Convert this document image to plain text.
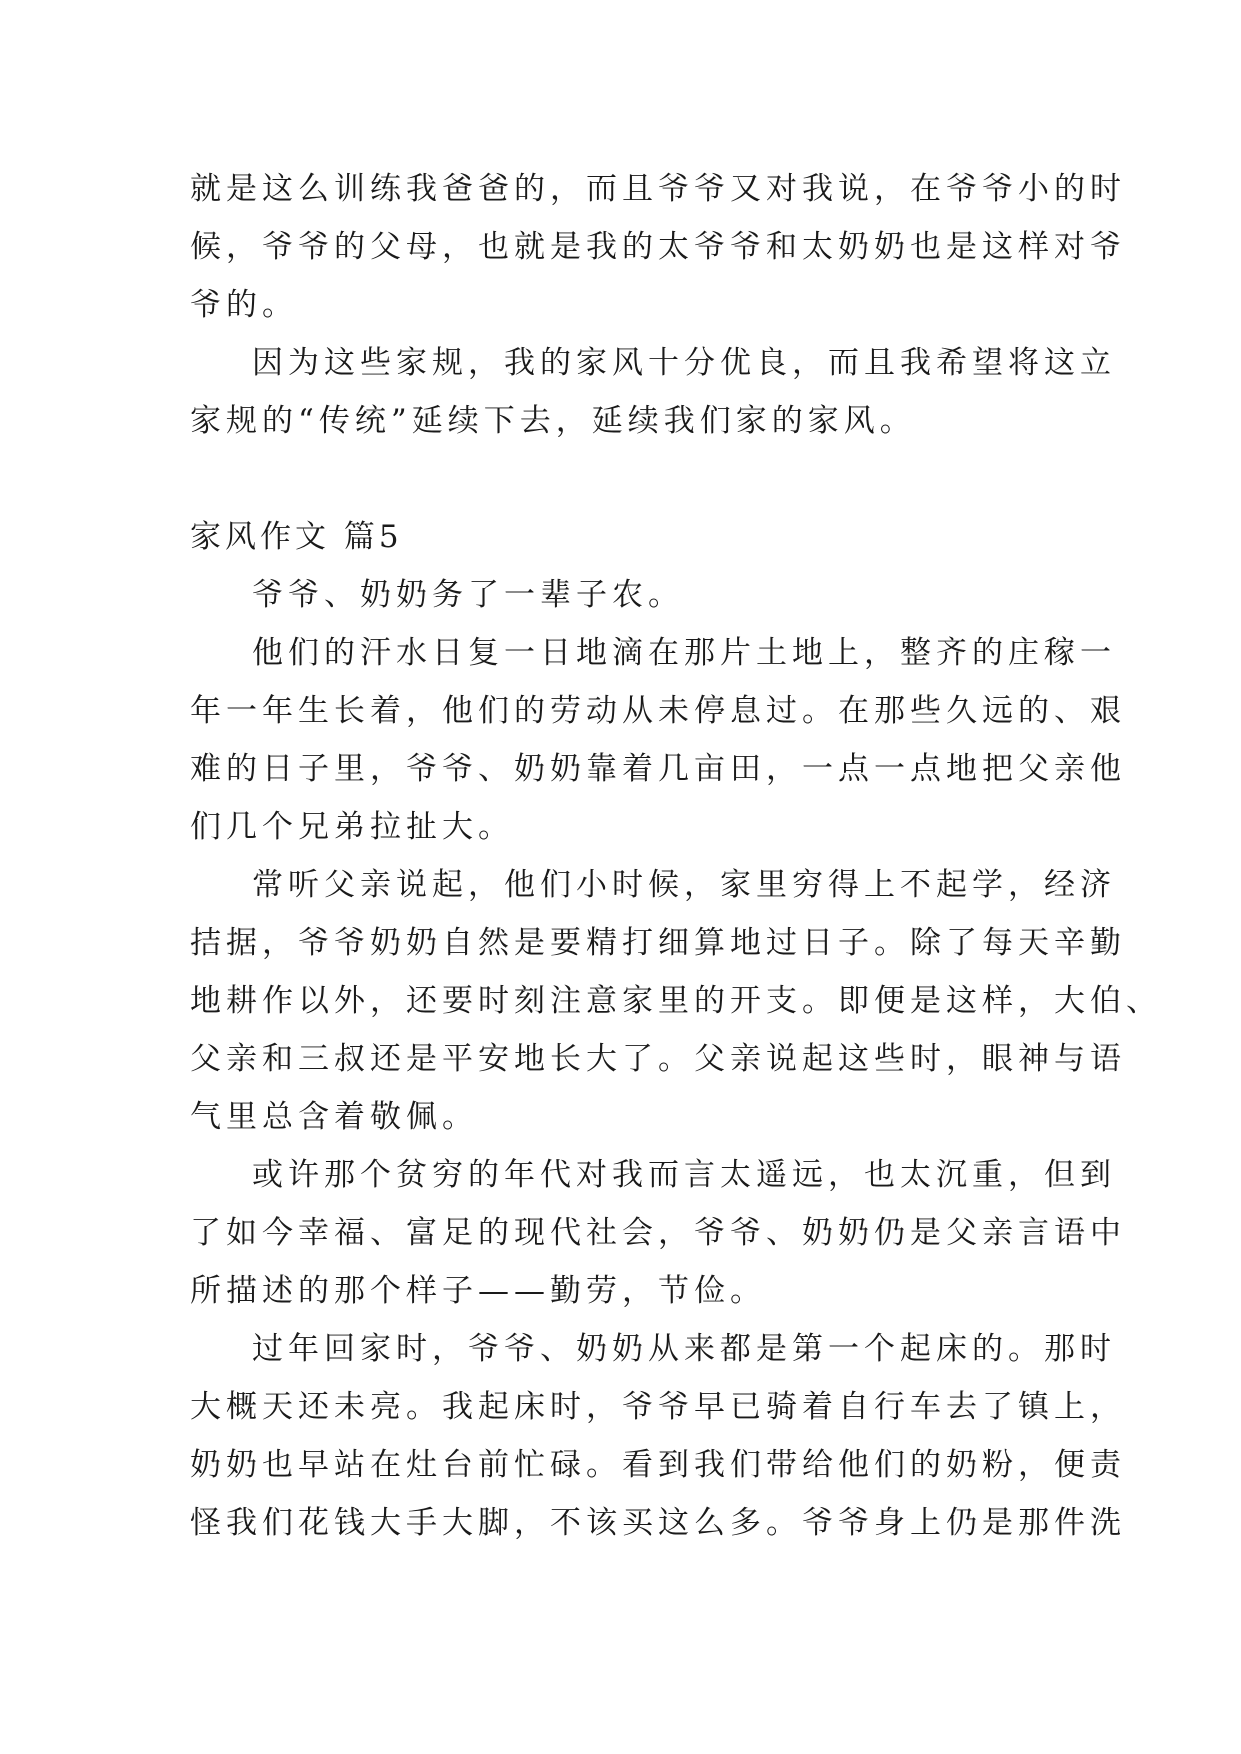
就是这么训练我爸爸的，而且爷爷又对我说，在爷爷小的时
候，爷爷的父母，也就是我的太爷爷和太奶奶也是这样对爷
爷的。

因为这些家规，我的家风十分优良，而且我希望将这立
家规的“传统”延续下去，延续我们家的家风。

家风作文 篇5

爷爷、奶奶务了一辈子农。

他们的汗水日复一日地滴在那片土地上，整齐的庄稼一
年一年生长着，他们的劳动从未停息过。在那些久远的、艰
难的日子里，爷爷、奶奶靠着几亩田，一点一点地把父亲他
们几个兄弟拉扯大。

常听父亲说起，他们小时候，家里穷得上不起学，经济
拮据，爷爷奶奶自然是要精打细算地过日子。除了每天辛勤
地耕作以外，还要时刻注意家里的开支。即便是这样，大伯、
父亲和三叔还是平安地长大了。父亲说起这些时，眼神与语
气里总含着敬佩。

或许那个贫穷的年代对我而言太遥远，也太沉重，但到
了如今幸福、富足的现代社会，爷爷、奶奶仍是父亲言语中
所描述的那个样子——勤劳，节俭。

过年回家时，爷爷、奶奶从来都是第一个起床的。那时
大概天还未亮。我起床时，爷爷早已骑着自行车去了镇上，
奶奶也早站在灶台前忙碌。看到我们带给他们的奶粉，便责
怪我们花钱大手大脚，不该买这么多。爷爷身上仍是那件洗
